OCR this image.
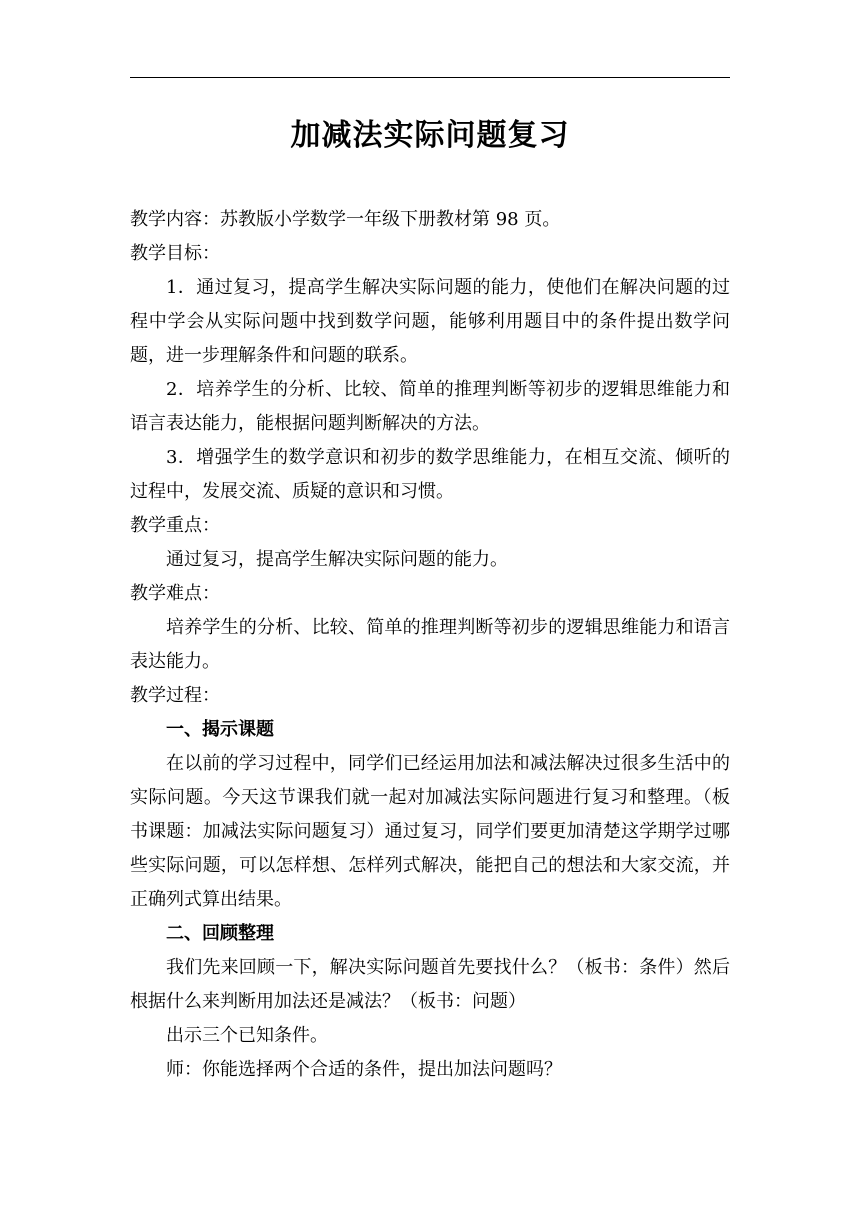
加减法实际问题复习

教学内容：苏教版小学数学一年级下册教材第 98 页。

教学目标：

1．通过复习，提高学生解决实际问题的能力，使他们在解决问题的过程中学会从实际问题中找到数学问题，能够利用题目中的条件提出数学问题，进一步理解条件和问题的联系。

2．培养学生的分析、比较、简单的推理判断等初步的逻辑思维能力和语言表达能力，能根据问题判断解决的方法。

3．增强学生的数学意识和初步的数学思维能力，在相互交流、倾听的过程中，发展交流、质疑的意识和习惯。

教学重点：

通过复习，提高学生解决实际问题的能力。

教学难点：

培养学生的分析、比较、简单的推理判断等初步的逻辑思维能力和语言表达能力。

教学过程：

一、揭示课题

在以前的学习过程中，同学们已经运用加法和减法解决过很多生活中的实际问题。今天这节课我们就一起对加减法实际问题进行复习和整理。（板书课题：加减法实际问题复习）通过复习，同学们要更加清楚这学期学过哪些实际问题，可以怎样想、怎样列式解决，能把自己的想法和大家交流，并正确列式算出结果。

二、回顾整理

我们先来回顾一下，解决实际问题首先要找什么？（板书：条件）然后根据什么来判断用加法还是减法？（板书：问题）

出示三个已知条件。

师：你能选择两个合适的条件，提出加法问题吗？
